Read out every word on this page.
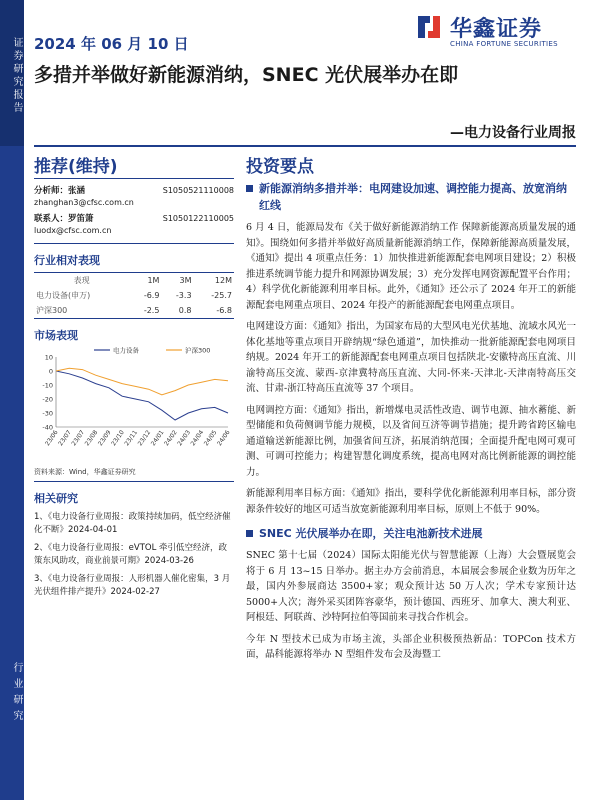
证券研究报告
行业研究
2024 年 06 月 10 日
华鑫证券
CHINA FORTUNE SECURITIES
多措并举做好新能源消纳，SNEC 光伏展举办在即
—电力设备行业周报
推荐(维持)	投资要点
分析师：张涵	S1050521110008
zhanghan3@cfsc.com.cn
联系人：罗笛箫	S1050122110005
luodx@cfsc.com.cn
行业相对表现
表现	1M	3M	12M
电力设备(申万)	-6.9	-3.3	-25.7
沪深300	-2.5	0.8	-6.8
市场表现
10
0
-10
-20
-30
-40
23/06
23/07
23/07
23/08
23/09
23/10
23/11
23/12
24/01
24/02
24/03
24/04
24/05
24/06
电力设备	沪深300
资料来源：Wind，华鑫证券研究
相关研究
1、《电力设备行业周报：政策持续加码，低空经济催化不断》2024-04-01
2、《电力设备行业周报：eVTOL 牵引低空经济，政策东风助攻，商业前景可期》2024-03-26
3、《电力设备行业周报：人形机器人催化密集，3 月光伏组件排产提升》2024-02-27
新能源消纳多措并举：电网建设加速、调控能力提高、放宽消纳红线

6 月 4 日，能源局发布《关于做好新能源消纳工作 保障新能源高质量发展的通知》。围绕如何多措并举做好高质量新能源消纳工作，保障新能源高质量发展，《通知》提出 4 项重点任务：1）加快推进新能源配套电网项目建设；2）积极推进系统调节能力提升和网源协调发展；3）充分发挥电网资源配置平台作用；4）科学优化新能源利用率目标。此外，《通知》还公示了 2024 年开工的新能源配套电网重点项目、2024 年投产的新能源配套电网重点项目。

电网建设方面：《通知》指出，为国家布局的大型风电光伏基地、流域水风光一体化基地等重点项目开辟纳规“绿色通道”，加快推动一批新能源配套电网项目纳规。2024 年开工的新能源配套电网重点项目包括陕北-安徽特高压直流、川渝特高压交流、蒙西-京津冀特高压直流、大同-怀来-天津北-天津南特高压交流、甘肃-浙江特高压直流等 37 个项目。

电网调控方面：《通知》指出，新增煤电灵活性改造、调节电源、抽水蓄能、新型储能和负荷侧调节能力规模，以及省间互济等调节措施；提升跨省跨区输电通道输送新能源比例，加强省间互济，拓展消纳范围；全面提升配电网可观可测、可调可控能力；构建智慧化调度系统，提高电网对高比例新能源的调控能力。

新能源利用率目标方面：《通知》指出，要科学优化新能源利用率目标，部分资源条件较好的地区可适当放宽新能源利用率目标，原则上不低于 90%。

SNEC 光伏展举办在即，关注电池新技术进展

SNEC 第十七届（2024）国际太阳能光伏与智慧能源（上海）大会暨展览会将于 6 月 13~15 日举办。据主办方会前消息，本届展会参展企业数为历年之最，国内外参展商达 3500+家；观众预计达 50 万人次；学术专家预计达 5000+人次；海外采买团阵容豪华，预计德国、西班牙、加拿大、澳大利亚、阿根廷、阿联酋、沙特阿拉伯等国前来寻找合作机会。

今年 N 型技术已成为市场主流，头部企业积极预热新品：TOPCon 技术方面，晶科能源将举办 N 型组件发布会及海暨工
